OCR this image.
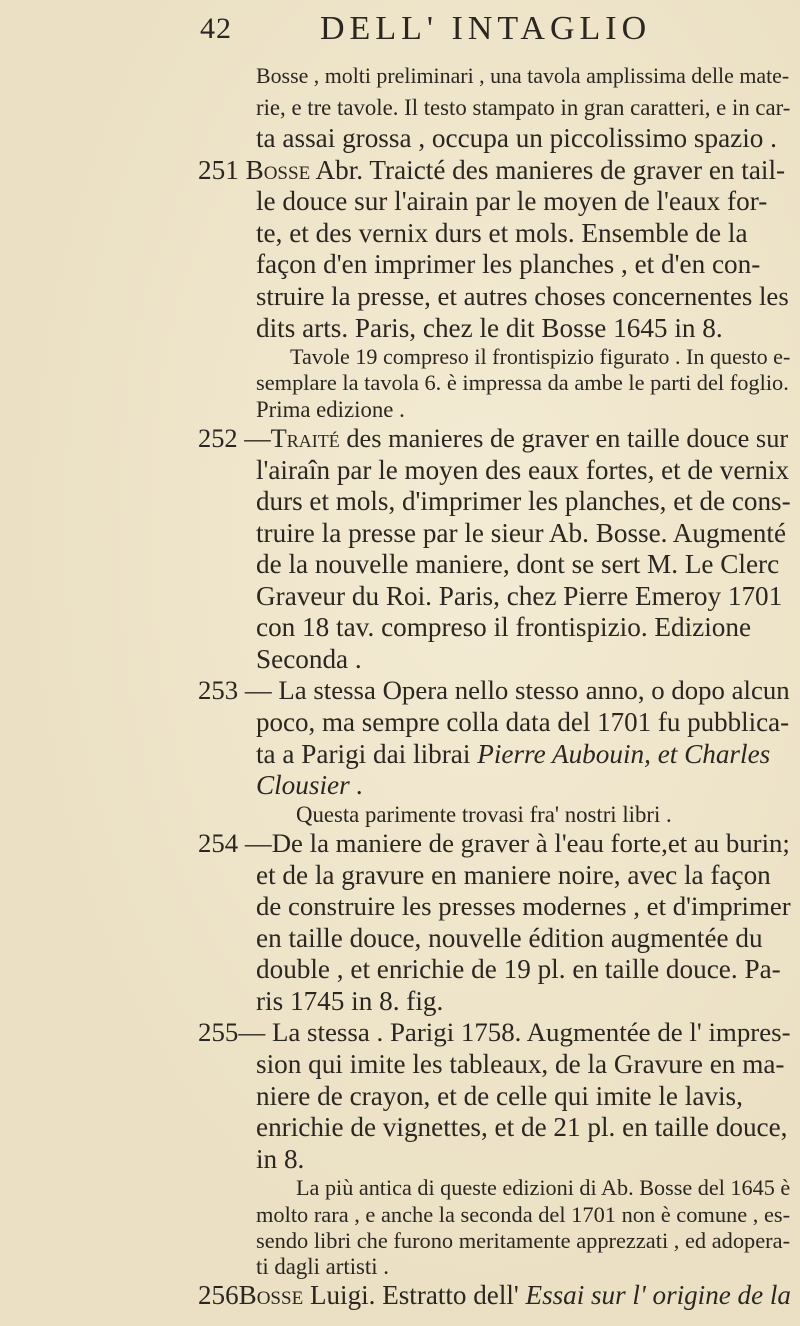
42	DELL' INTAGLIO
Bosse , molti preliminari , una tavola amplissima delle mate-
rie, e tre tavole. Il testo stampato in gran caratteri, e in car-
ta assai grossa , occupa un piccolissimo spazio .
251 Bosse Abr. Traicté des manieres de graver en tail-
le douce sur l'airain par le moyen de l'eaux for-
te, et des vernix durs et mols. Ensemble de la
façon d'en imprimer les planches , et d'en con-
struire la presse, et autres choses concernentes les
dits arts. Paris, chez le dit Bosse 1645 in 8.
Tavole 19 compreso il frontispizio figurato . In questo e-
semplare la tavola 6. è impressa da ambe le parti del foglio.
Prima edizione .
252 —Traité des manieres de graver en taille douce sur
l'airaîn par le moyen des eaux fortes, et de vernix
durs et mols, d'imprimer les planches, et de cons-
truire la presse par le sieur Ab. Bosse. Augmenté
de la nouvelle maniere, dont se sert M. Le Clerc
Graveur du Roi. Paris, chez Pierre Emeroy 1701
con 18 tav. compreso il frontispizio. Edizione
Seconda .
253 — La stessa Opera nello stesso anno, o dopo alcun
poco, ma sempre colla data del 1701 fu pubblica-
ta a Parigi dai librai Pierre Aubouin, et Charles
Clousier .
Questa parimente trovasi fra' nostri libri .
254 —De la maniere de graver à l'eau forte,et au burin;
et de la gravure en maniere noire, avec la façon
de construire les presses modernes , et d'imprimer
en taille douce, nouvelle édition augmentée du
double , et enrichie de 19 pl. en taille douce. Pa-
ris 1745 in 8. fig.
255— La stessa . Parigi 1758. Augmentée de l' impres-
sion qui imite les tableaux, de la Gravure en ma-
niere de crayon, et de celle qui imite le lavis,
enrichie de vignettes, et de 21 pl. en taille douce,
in 8.
La più antica di queste edizioni di Ab. Bosse del 1645 è
molto rara , e anche la seconda del 1701 non è comune , es-
sendo libri che furono meritamente apprezzati , ed adopera-
ti dagli artisti .
256Bosse Luigi. Estratto dell' Essai sur l' origine de la
